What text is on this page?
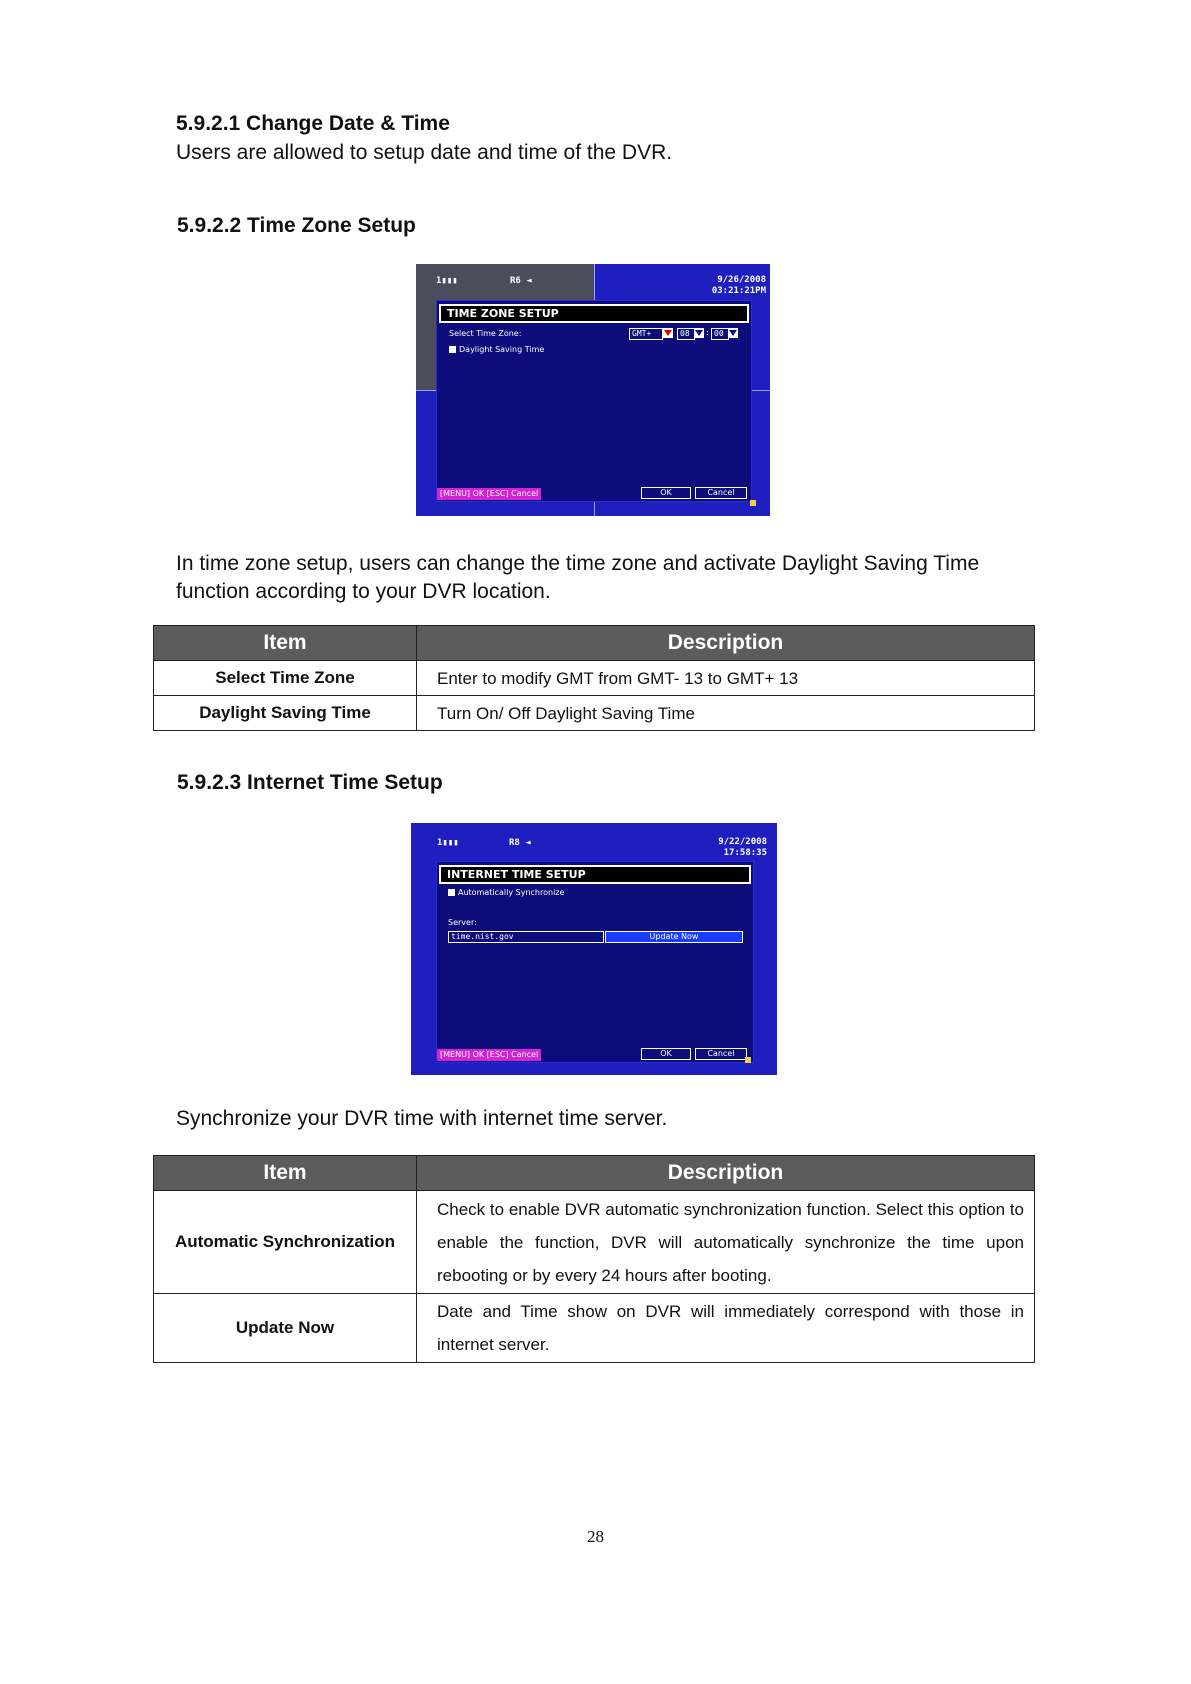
5.9.2.1 Change Date & Time

Users are allowed to setup date and time of the DVR.

5.9.2.2 Time Zone Setup
1▮▮▮	R6 ◄	9/26/2008
03:21:21PM
TIME ZONE SETUP
Select Time Zone:	GMT+	08	: 00
Daylight Saving Time
[MENU] OK [ESC] Cancel	OK	Cancel

In time zone setup, users can change the time zone and activate Daylight Saving Time function according to your DVR location.

Item	Description
Select Time Zone	Enter to modify GMT from GMT- 13 to GMT+ 13
Daylight Saving Time	Turn On/ Off Daylight Saving Time
5.9.2.3 Internet Time Setup
1▮▮▮	R8 ◄	9/22/2008
17:58:35
INTERNET TIME SETUP
Automatically Synchronize
Server:
time.nist.gov	Update Now
[MENU] OK [ESC] Cancel	OK	Cancel

Synchronize your DVR time with internet time server.

Item	Description
Automatic Synchronization	Check to enable DVR automatic synchronization function. Select this option to enable the function, DVR will automatically synchronize the time upon rebooting or by every 24 hours after booting.
Update Now	Date and Time show on DVR will immediately correspond with those in internet server.
28
